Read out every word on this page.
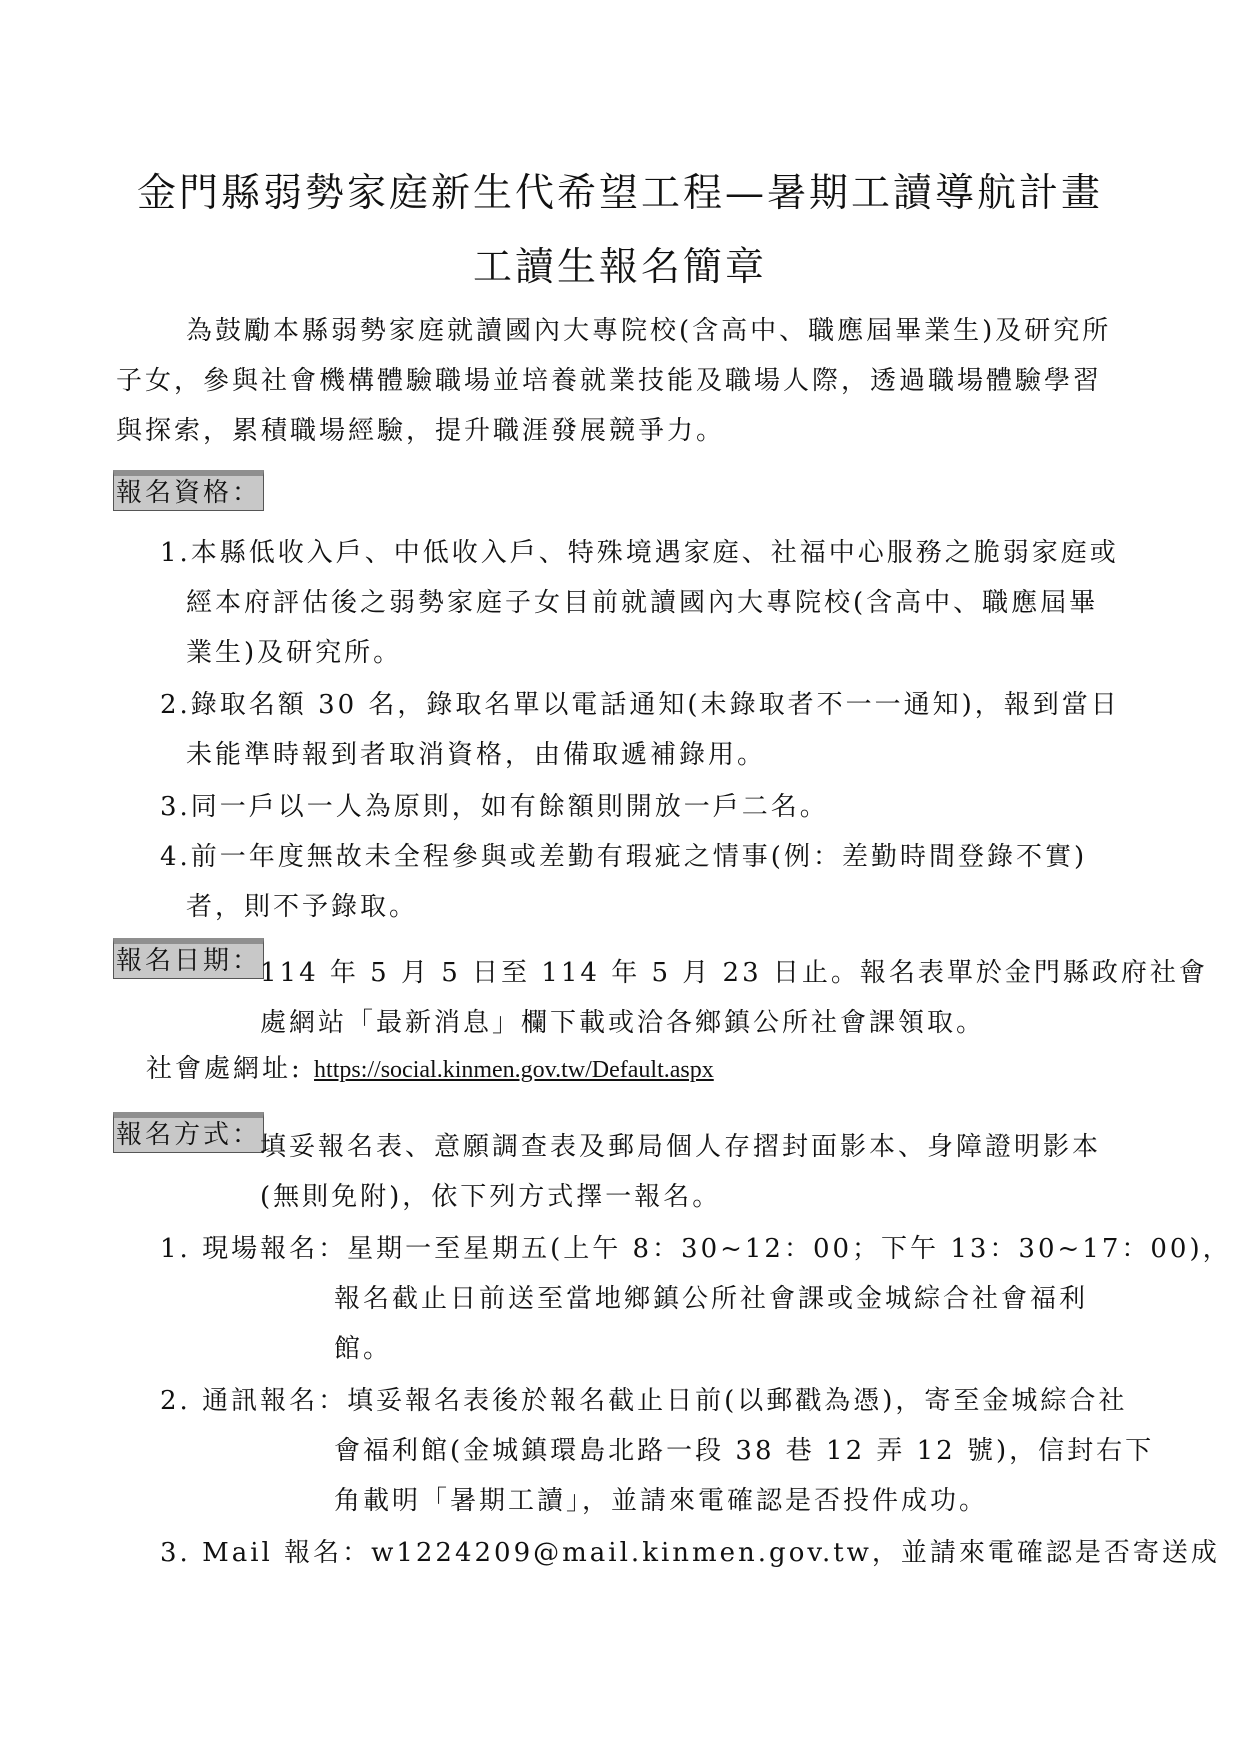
金門縣弱勢家庭新生代希望工程—暑期工讀導航計畫
工讀生報名簡章
為鼓勵本縣弱勢家庭就讀國內大專院校(含高中、職應屆畢業生)及研究所
子女，參與社會機構體驗職場並培養就業技能及職場人際，透過職場體驗學習
與探索，累積職場經驗，提升職涯發展競爭力。
報名資格：
1.本縣低收入戶、中低收入戶、特殊境遇家庭、社福中心服務之脆弱家庭或
經本府評估後之弱勢家庭子女目前就讀國內大專院校(含高中、職應屆畢
業生)及研究所。
2.錄取名額 30 名，錄取名單以電話通知(未錄取者不一一通知)，報到當日
未能準時報到者取消資格，由備取遞補錄用。
3.同一戶以一人為原則，如有餘額則開放一戶二名。
4.前一年度無故未全程參與或差勤有瑕疵之情事(例：差勤時間登錄不實)
者，則不予錄取。
報名日期：
114 年 5 月 5 日至 114 年 5 月 23 日止。報名表單於金門縣政府社會
處網站「最新消息」欄下載或洽各鄉鎮公所社會課領取。
社會處網址: https://social.kinmen.gov.tw/Default.aspx
報名方式：
填妥報名表、意願調查表及郵局個人存摺封面影本、身障證明影本
(無則免附)，依下列方式擇一報名。
1. 現場報名：星期一至星期五(上午 8：30~12：00；下午 13：30~17：00)，
報名截止日前送至當地鄉鎮公所社會課或金城綜合社會福利
館。
2. 通訊報名：填妥報名表後於報名截止日前(以郵戳為憑)，寄至金城綜合社
會福利館(金城鎮環島北路一段 38 巷 12 弄 12 號)，信封右下
角載明「暑期工讀」，並請來電確認是否投件成功。
3. Mail 報名：w1224209@mail.kinmen.gov.tw，並請來電確認是否寄送成
